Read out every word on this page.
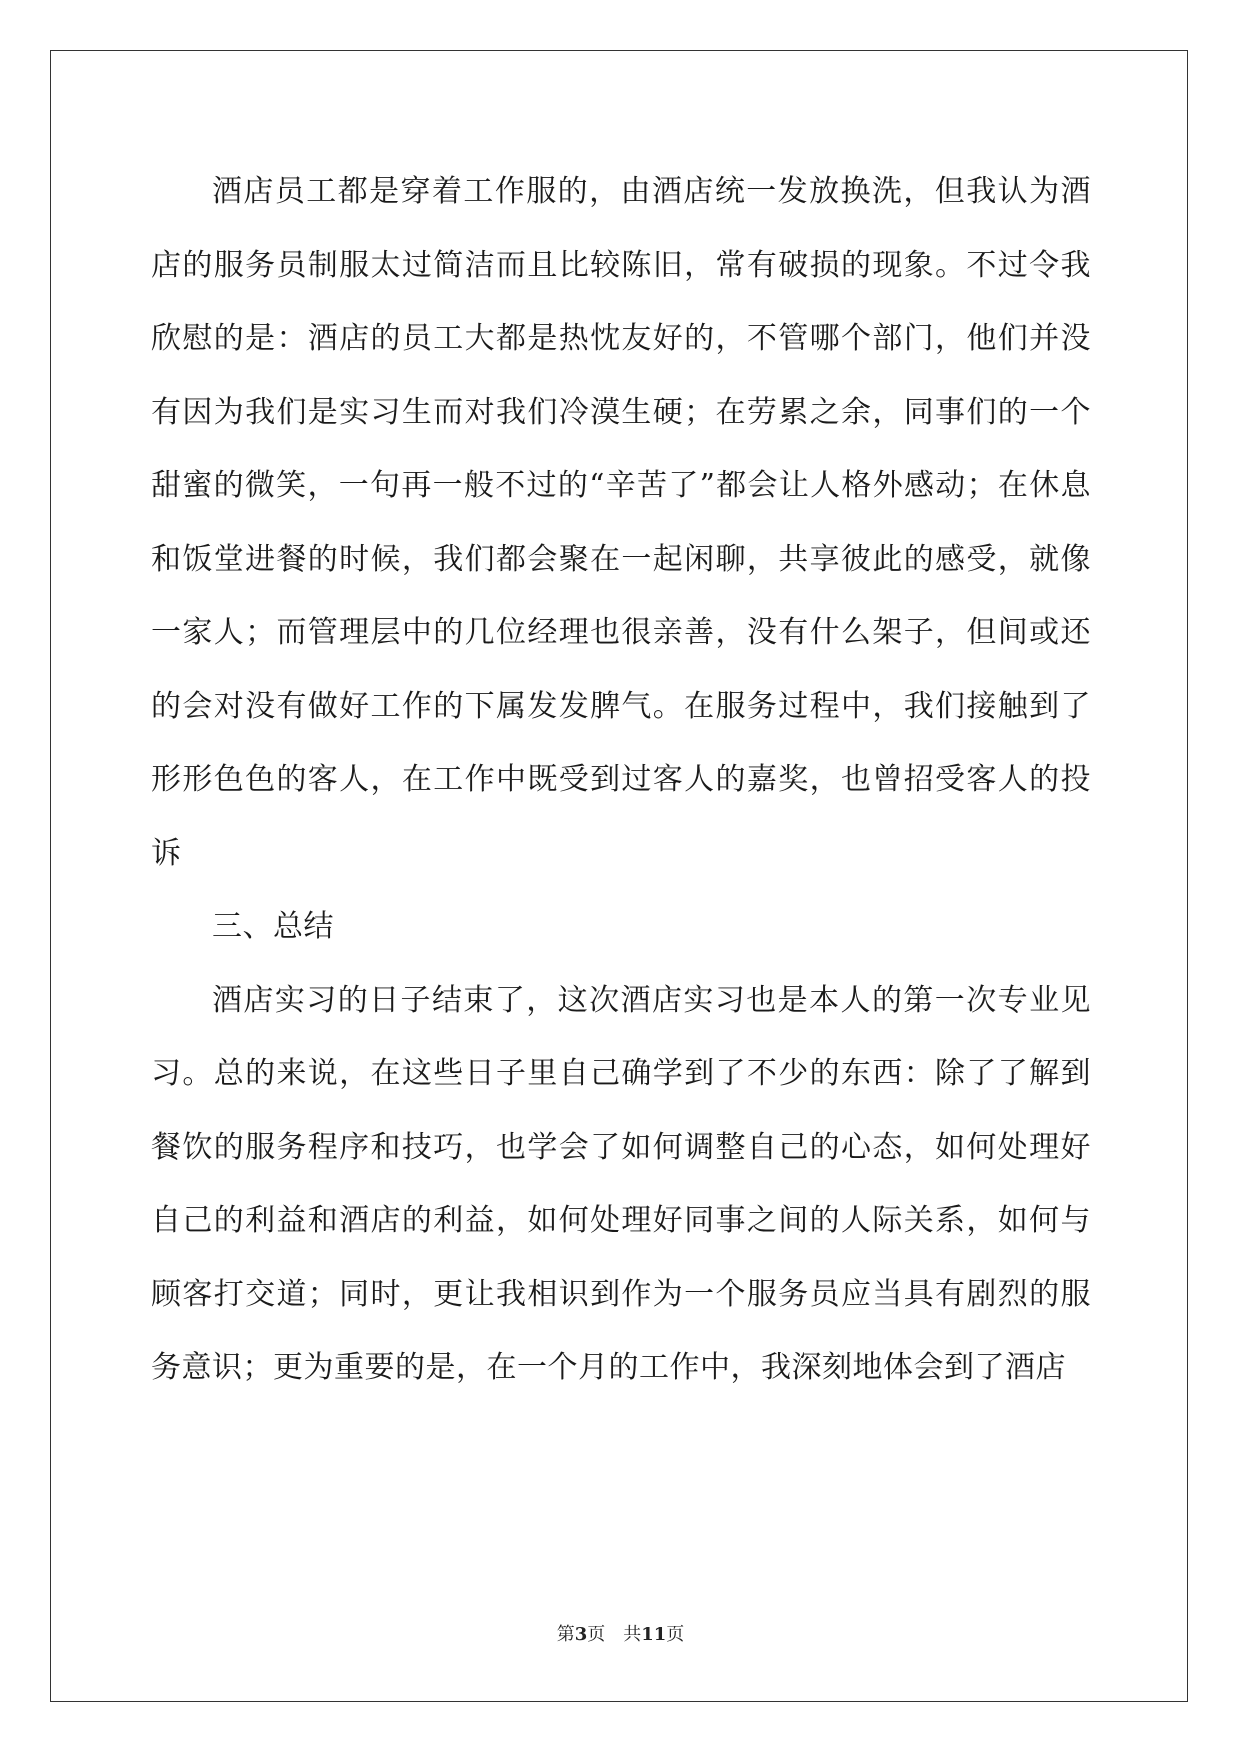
酒店员工都是穿着工作服的，由酒店统一发放换洗，但我认为酒店的服务员制服太过简洁而且比较陈旧，常有破损的现象。不过令我欣慰的是：酒店的员工大都是热忱友好的，不管哪个部门，他们并没有因为我们是实习生而对我们冷漠生硬；在劳累之余，同事们的一个甜蜜的微笑，一句再一般不过的“辛苦了”都会让人格外感动；在休息和饭堂进餐的时候，我们都会聚在一起闲聊，共享彼此的感受，就像一家人；而管理层中的几位经理也很亲善，没有什么架子，但间或还的会对没有做好工作的下属发发脾气。在服务过程中，我们接触到了形形色色的客人，在工作中既受到过客人的嘉奖，也曾招受客人的投诉

三、总结

酒店实习的日子结束了，这次酒店实习也是本人的第一次专业见习。总的来说，在这些日子里自己确学到了不少的东西：除了了解到餐饮的服务程序和技巧，也学会了如何调整自己的心态，如何处理好自己的利益和酒店的利益，如何处理好同事之间的人际关系，如何与顾客打交道；同时，更让我相识到作为一个服务员应当具有剧烈的服务意识；更为重要的是，在一个月的工作中，我深刻地体会到了酒店

第3页 共11页
